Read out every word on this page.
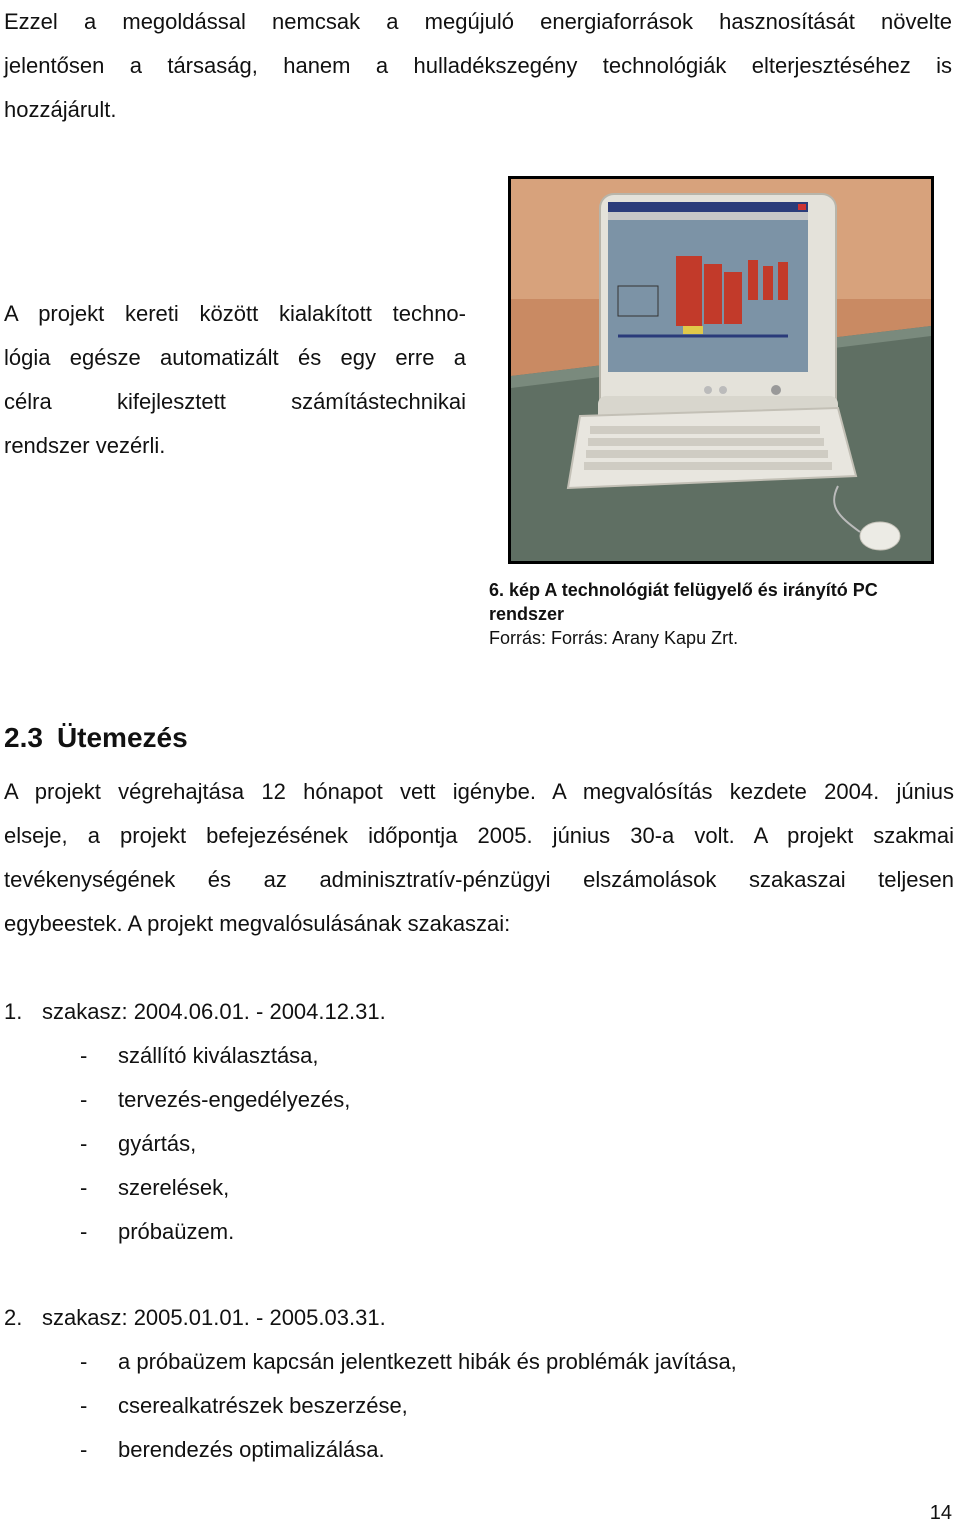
Ezzel a megoldással nemcsak a megújuló energiaforrások hasznosítását növelte
jelentősen a társaság, hanem a hulladékszegény technológiák elterjesztéséhez is
hozzájárult.
A projekt kereti között kialakított techno-
lógia egésze automatizált és egy erre a
célra kifejlesztett számítástechnikai
rendszer vezérli.
6. kép A technológiát felügyelő és irányító PC rendszer
Forrás: Forrás: Arany Kapu Zrt.
2.3 Ütemezés
A projekt végrehajtása 12 hónapot vett igénybe. A megvalósítás kezdete 2004. június
elseje, a projekt befejezésének időpontja 2005. június 30-a volt. A projekt szakmai
tevékenységének és az adminisztratív-pénzügyi elszámolások szakaszai teljesen
egybeestek. A projekt megvalósulásának szakaszai:
1. szakasz: 2004.06.01. - 2004.12.31.
- szállító kiválasztása,
- tervezés-engedélyezés,
- gyártás,
- szerelések,
- próbaüzem.
2. szakasz: 2005.01.01. - 2005.03.31.
- a próbaüzem kapcsán jelentkezett hibák és problémák javítása,
- cserealkatrészek beszerzése,
- berendezés optimalizálása.
14
